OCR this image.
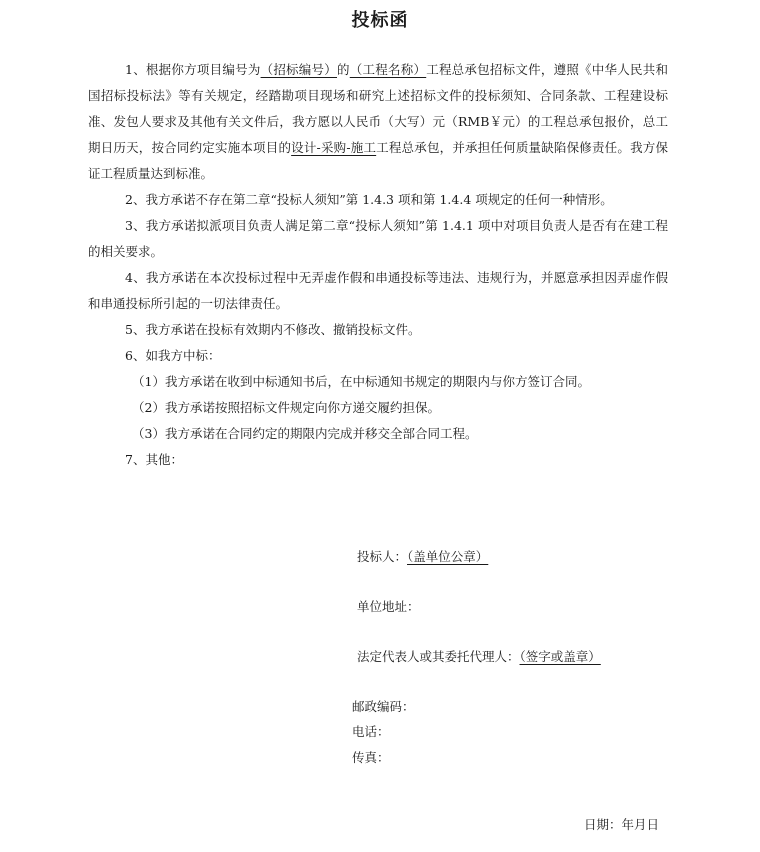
投标函
1、根据你方项目编号为（招标编号）的（工程名称）工程总承包招标文件，遵照《中华人民共和国招标投标法》等有关规定，经踏勘项目现场和研究上述招标文件的投标须知、合同条款、工程建设标准、发包人要求及其他有关文件后，我方愿以人民币（大写）元（RMB￥元）的工程总承包报价，总工期日历天，按合同约定实施本项目的设计-采购-施工工程总承包，并承担任何质量缺陷保修责任。我方保证工程质量达到标准。
2、我方承诺不存在第二章“投标人须知”第 1.4.3 项和第 1.4.4 项规定的任何一种情形。
3、我方承诺拟派项目负责人满足第二章“投标人须知”第 1.4.1 项中对项目负责人是否有在建工程的相关要求。
4、我方承诺在本次投标过程中无弄虚作假和串通投标等违法、违规行为，并愿意承担因弄虚作假和串通投标所引起的一切法律责任。
5、我方承诺在投标有效期内不修改、撤销投标文件。
6、如我方中标：
（1）我方承诺在收到中标通知书后，在中标通知书规定的期限内与你方签订合同。
（2）我方承诺按照招标文件规定向你方递交履约担保。
（3）我方承诺在合同约定的期限内完成并移交全部合同工程。
7、其他：
投标人：（盖单位公章）
单位地址：
法定代表人或其委托代理人：（签字或盖章）
邮政编码：
电话：
传真：
日期：年月日
